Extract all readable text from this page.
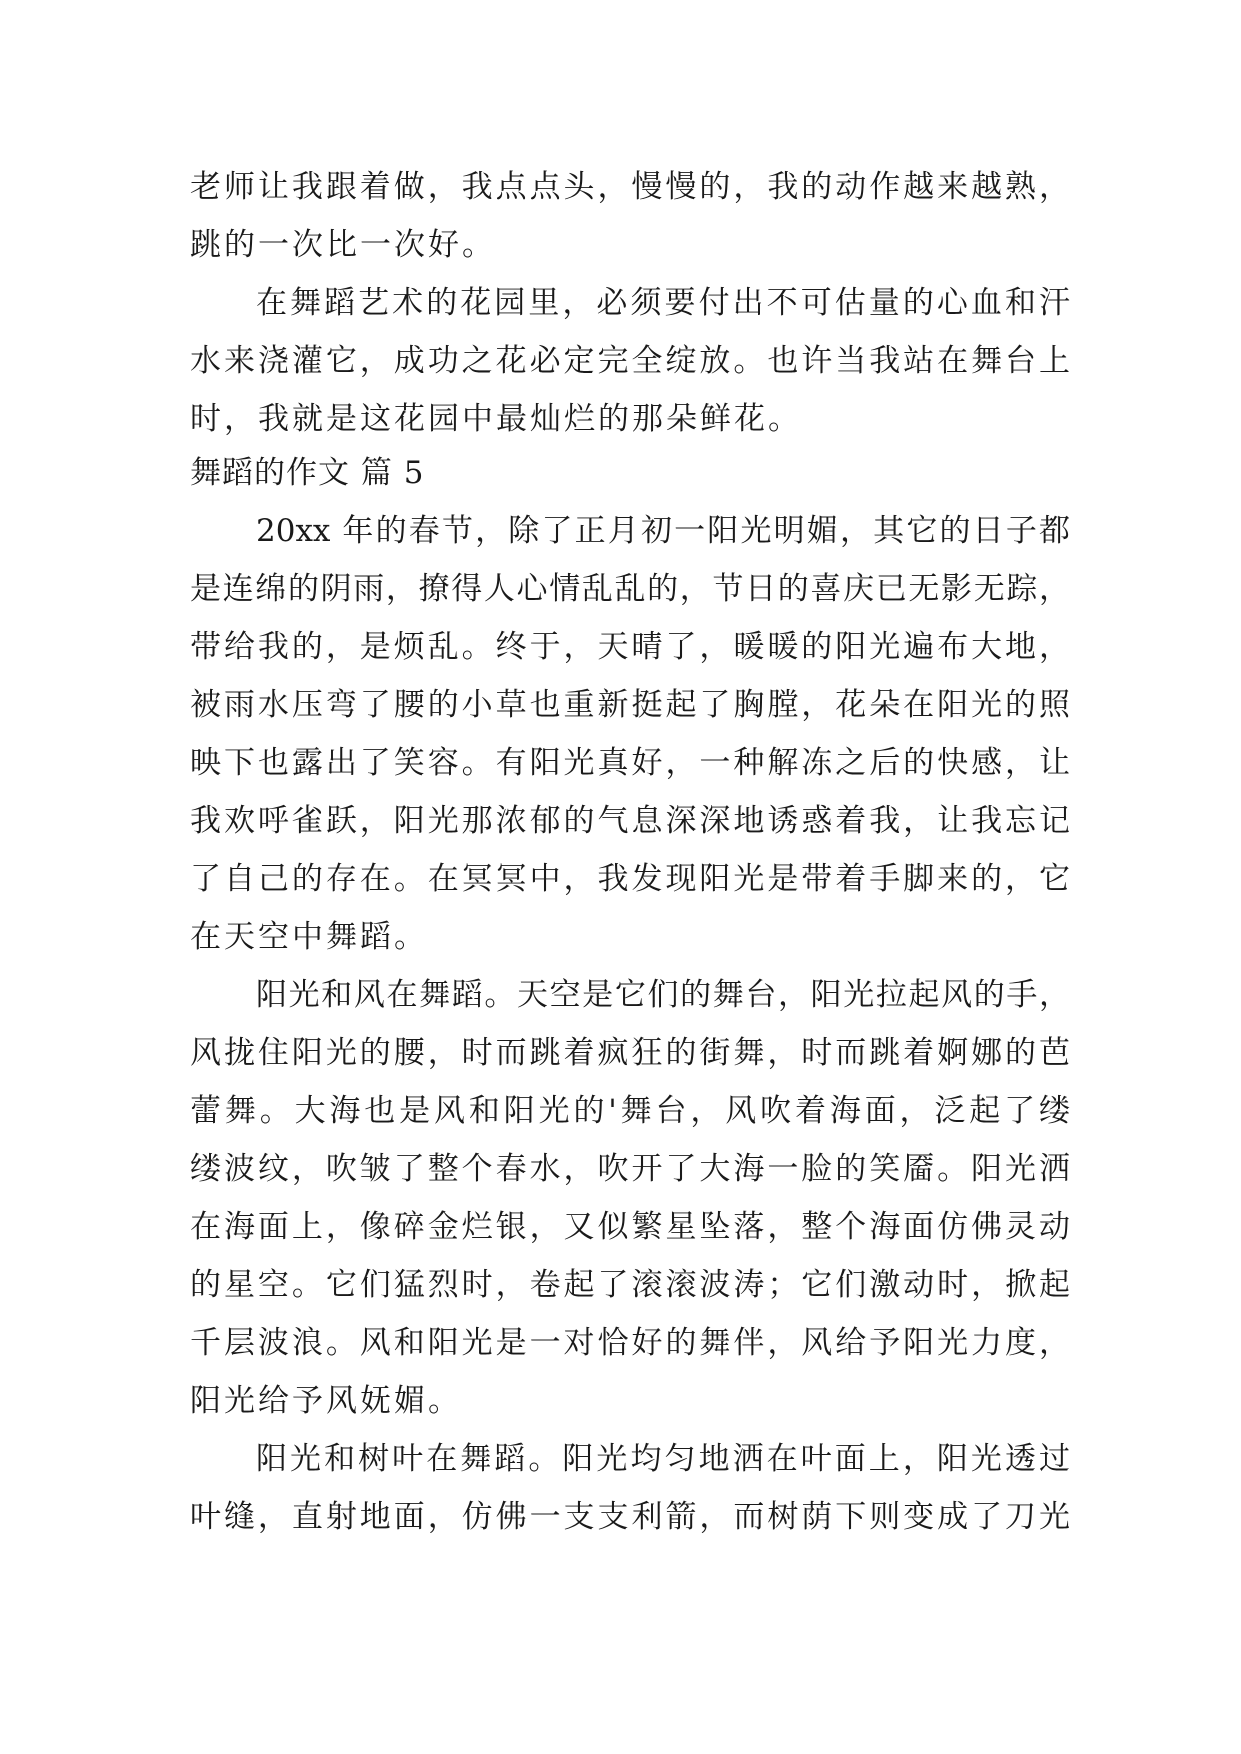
老师让我跟着做，我点点头，慢慢的，我的动作越来越熟，
跳的一次比一次好。
在舞蹈艺术的花园里，必须要付出不可估量的心血和汗
水来浇灌它，成功之花必定完全绽放。也许当我站在舞台上
时，我就是这花园中最灿烂的那朵鲜花。
舞蹈的作文 篇 5
20xx 年的春节，除了正月初一阳光明媚，其它的日子都
是连绵的阴雨，撩得人心情乱乱的，节日的喜庆已无影无踪，
带给我的，是烦乱。终于，天晴了，暖暖的阳光遍布大地，
被雨水压弯了腰的小草也重新挺起了胸膛，花朵在阳光的照
映下也露出了笑容。有阳光真好，一种解冻之后的快感，让
我欢呼雀跃，阳光那浓郁的气息深深地诱惑着我，让我忘记
了自己的存在。在冥冥中，我发现阳光是带着手脚来的，它
在天空中舞蹈。
阳光和风在舞蹈。天空是它们的舞台，阳光拉起风的手，
风拢住阳光的腰，时而跳着疯狂的街舞，时而跳着婀娜的芭
蕾舞。大海也是风和阳光的'舞台，风吹着海面，泛起了缕
缕波纹，吹皱了整个春水，吹开了大海一脸的笑靥。阳光洒
在海面上，像碎金烂银，又似繁星坠落，整个海面仿佛灵动
的星空。它们猛烈时，卷起了滚滚波涛；它们激动时，掀起
千层波浪。风和阳光是一对恰好的舞伴，风给予阳光力度，
阳光给予风妩媚。
阳光和树叶在舞蹈。阳光均匀地洒在叶面上，阳光透过
叶缝，直射地面，仿佛一支支利箭，而树荫下则变成了刀光
